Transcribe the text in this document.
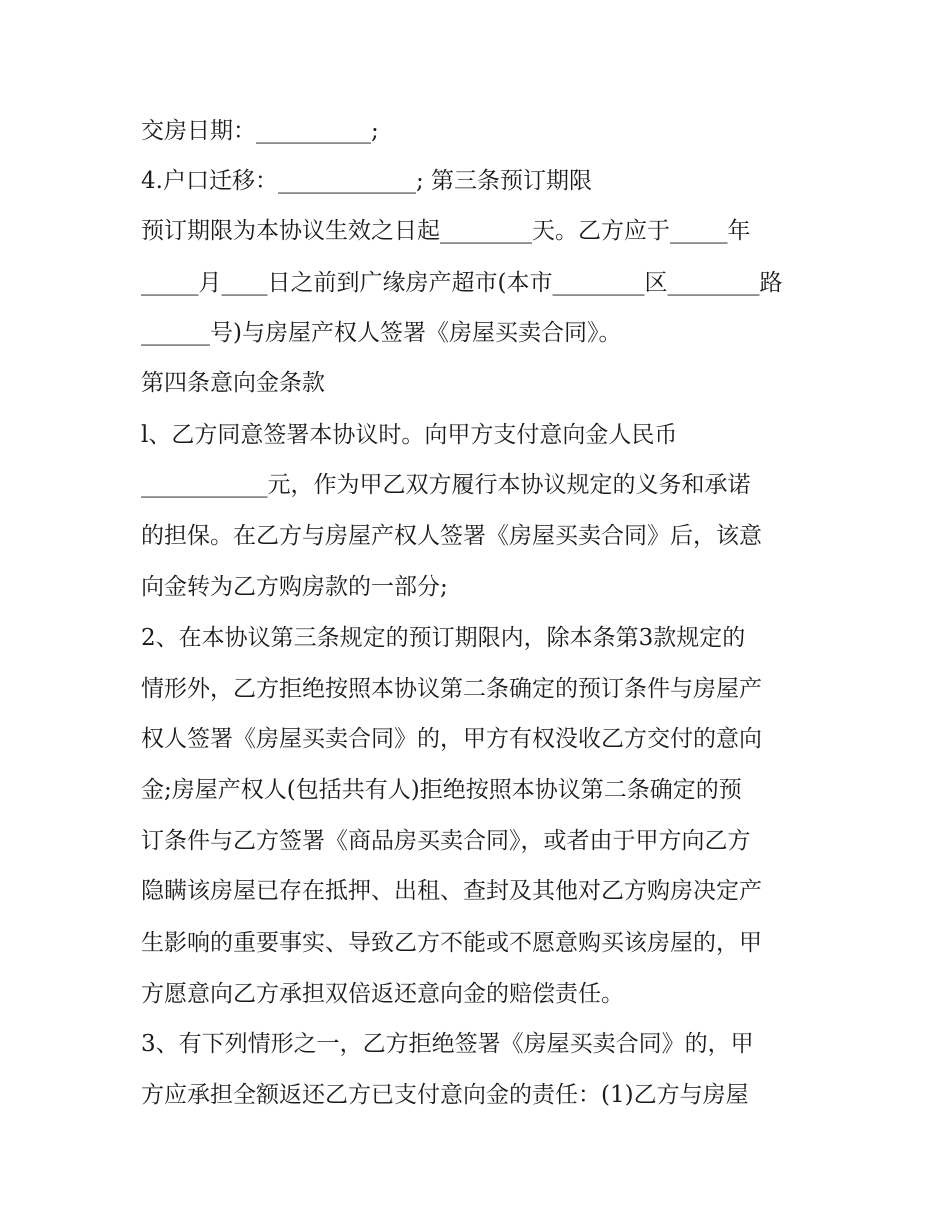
交房日期：__________;
4.户口迁移：____________; 第三条预订期限
预订期限为本协议生效之日起________天。乙方应于_____年
_____月____日之前到广缘房产超市(本市________区________路
______号)与房屋产权人签署《房屋买卖合同》。
第四条意向金条款
l、乙方同意签署本协议时。向甲方支付意向金人民币
___________元，作为甲乙双方履行本协议规定的义务和承诺
的担保。在乙方与房屋产权人签署《房屋买卖合同》后，该意
向金转为乙方购房款的一部分;
2、在本协议第三条规定的预订期限内，除本条第3款规定的
情形外，乙方拒绝按照本协议第二条确定的预订条件与房屋产
权人签署《房屋买卖合同》的，甲方有权没收乙方交付的意向
金;房屋产权人(包括共有人)拒绝按照本协议第二条确定的预
订条件与乙方签署《商品房买卖合同》，或者由于甲方向乙方
隐瞒该房屋已存在抵押、出租、查封及其他对乙方购房决定产
生影响的重要事实、导致乙方不能或不愿意购买该房屋的，甲
方愿意向乙方承担双倍返还意向金的赔偿责任。
3、有下列情形之一，乙方拒绝签署《房屋买卖合同》的，甲
方应承担全额返还乙方已支付意向金的责任：(1)乙方与房屋
